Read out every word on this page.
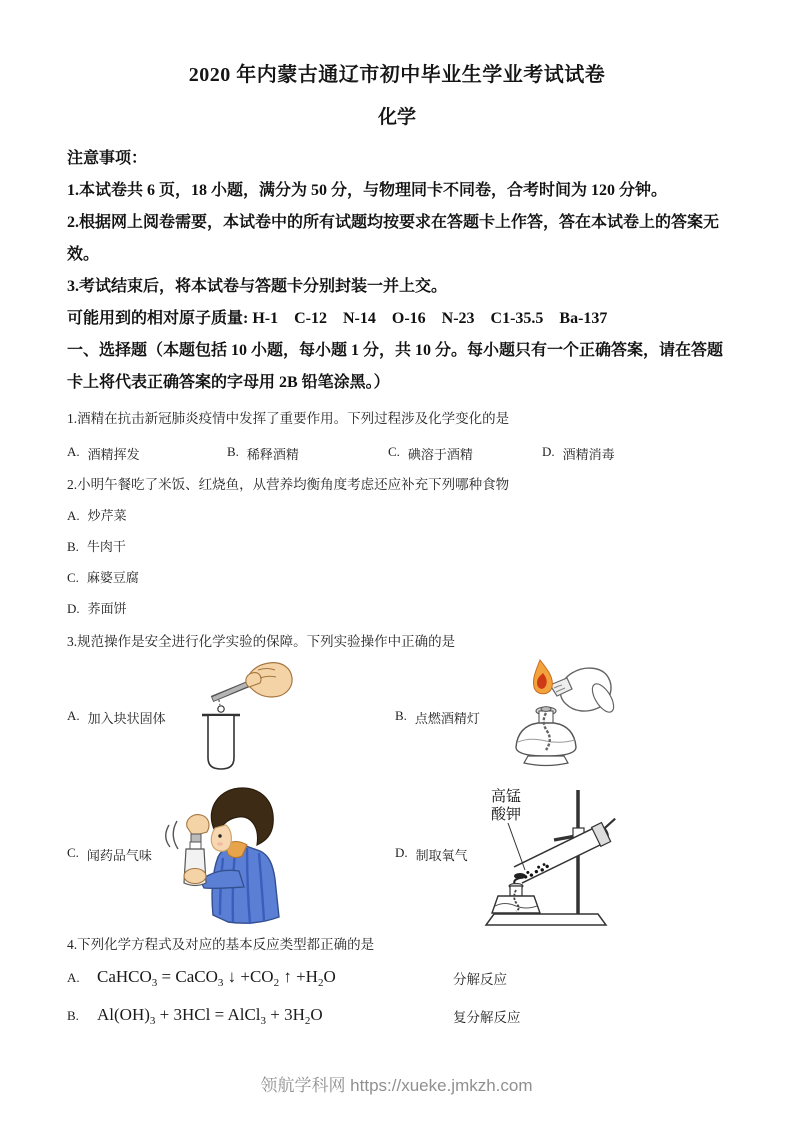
2020 年内蒙古通辽市初中毕业生学业考试试卷
化学

注意事项：

1.本试卷共 6 页，18 小题，满分为 50 分，与物理同卡不同卷，合考时间为 120 分钟。

2.根据网上阅卷需要，本试卷中的所有试题均按要求在答题卡上作答，答在本试卷上的答案无效。

3.考试结束后，将本试卷与答题卡分别封装一并上交。

可能用到的相对原子质量: H-1　C-12　N-14　O-16　N-23　C1-35.5　Ba-137

一、选择题（本题包括 10 小题，每小题 1 分，共 10 分。每小题只有一个正确答案，请在答题卡上将代表正确答案的字母用 2B 铅笔涂黑。）

1.酒精在抗击新冠肺炎疫情中发挥了重要作用。下列过程涉及化学变化的是

A. 酒精挥发	B. 稀释酒精	C. 碘溶于酒精	D. 酒精消毒

2.小明午餐吃了米饭、红烧鱼，从营养均衡角度考虑还应补充下列哪种食物

A. 炒芹菜
B. 牛肉干
C. 麻婆豆腐
D. 荞面饼

3.规范操作是安全进行化学实验的保障。下列实验操作中正确的是

A. 加入块状固体	B. 点燃酒精灯
C. 闻药品气味	D. 制取氧气
高锰
酸钾

4.下列化学方程式及对应的基本反应类型都正确的是

A.	CaHCO$_3$ = CaCO$_3$ ↓ $+CO_2$ ↑ $+H_2O$	分解反应
B.	$Al(OH)_3 + 3HCl$ = AlCl$_3$ + $3H_2O$	复分解反应
领航学科网 https://xueke.jmkzh.com
